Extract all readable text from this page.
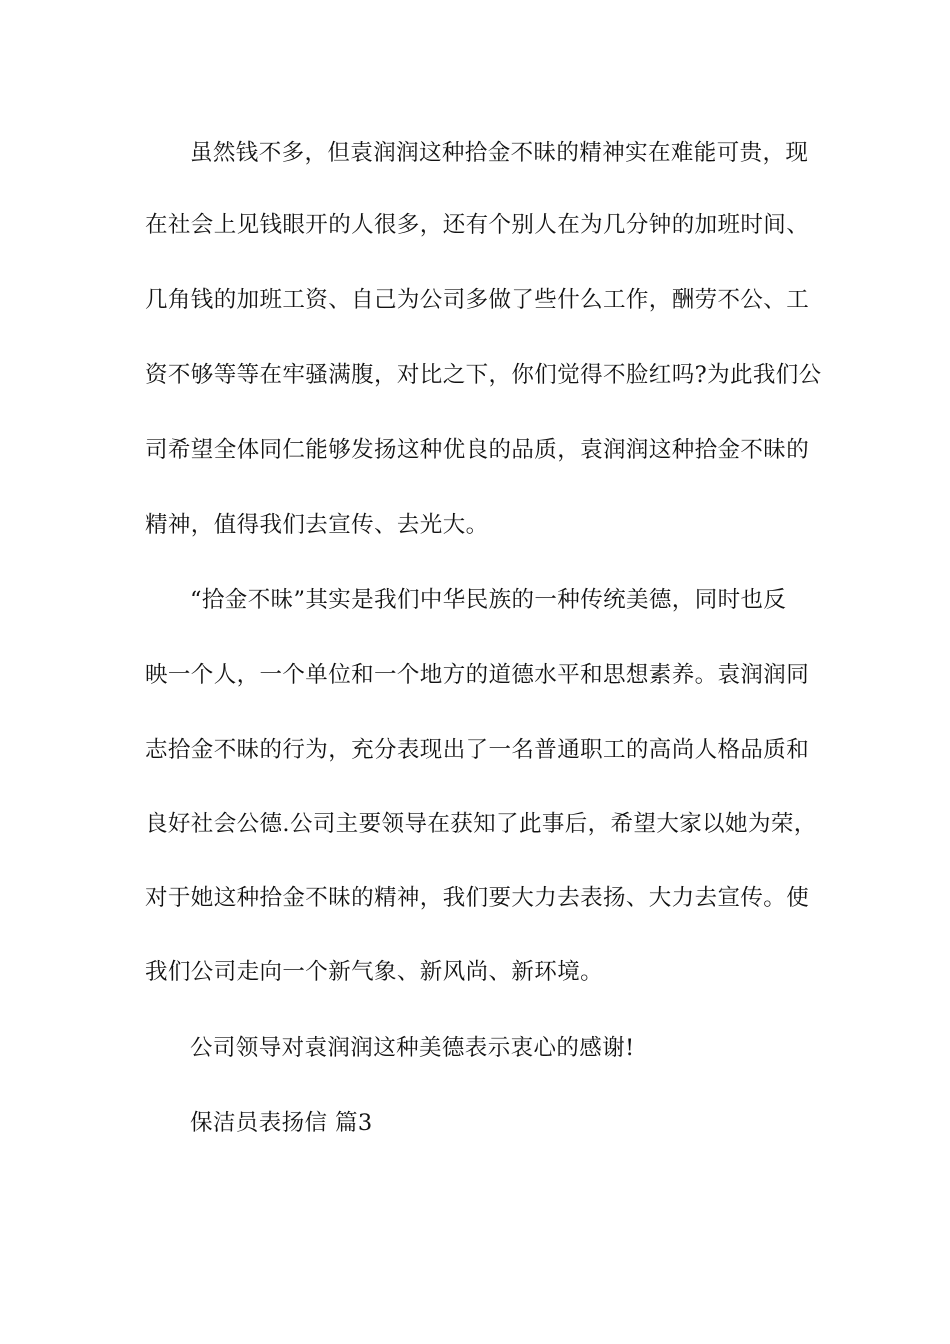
虽然钱不多，但袁润润这种拾金不昧的精神实在难能可贵，现
在社会上见钱眼开的人很多，还有个别人在为几分钟的加班时间、
几角钱的加班工资、自己为公司多做了些什么工作，酬劳不公、工
资不够等等在牢骚满腹，对比之下，你们觉得不脸红吗?为此我们公
司希望全体同仁能够发扬这种优良的品质，袁润润这种拾金不昧的
精神，值得我们去宣传、去光大。
“拾金不昧”其实是我们中华民族的一种传统美德，同时也反
映一个人，一个单位和一个地方的道德水平和思想素养。袁润润同
志拾金不昧的行为，充分表现出了一名普通职工的高尚人格品质和
良好社会公德.公司主要领导在获知了此事后，希望大家以她为荣，
对于她这种拾金不昧的精神，我们要大力去表扬、大力去宣传。使
我们公司走向一个新气象、新风尚、新环境。
公司领导对袁润润这种美德表示衷心的感谢!
保洁员表扬信 篇3
